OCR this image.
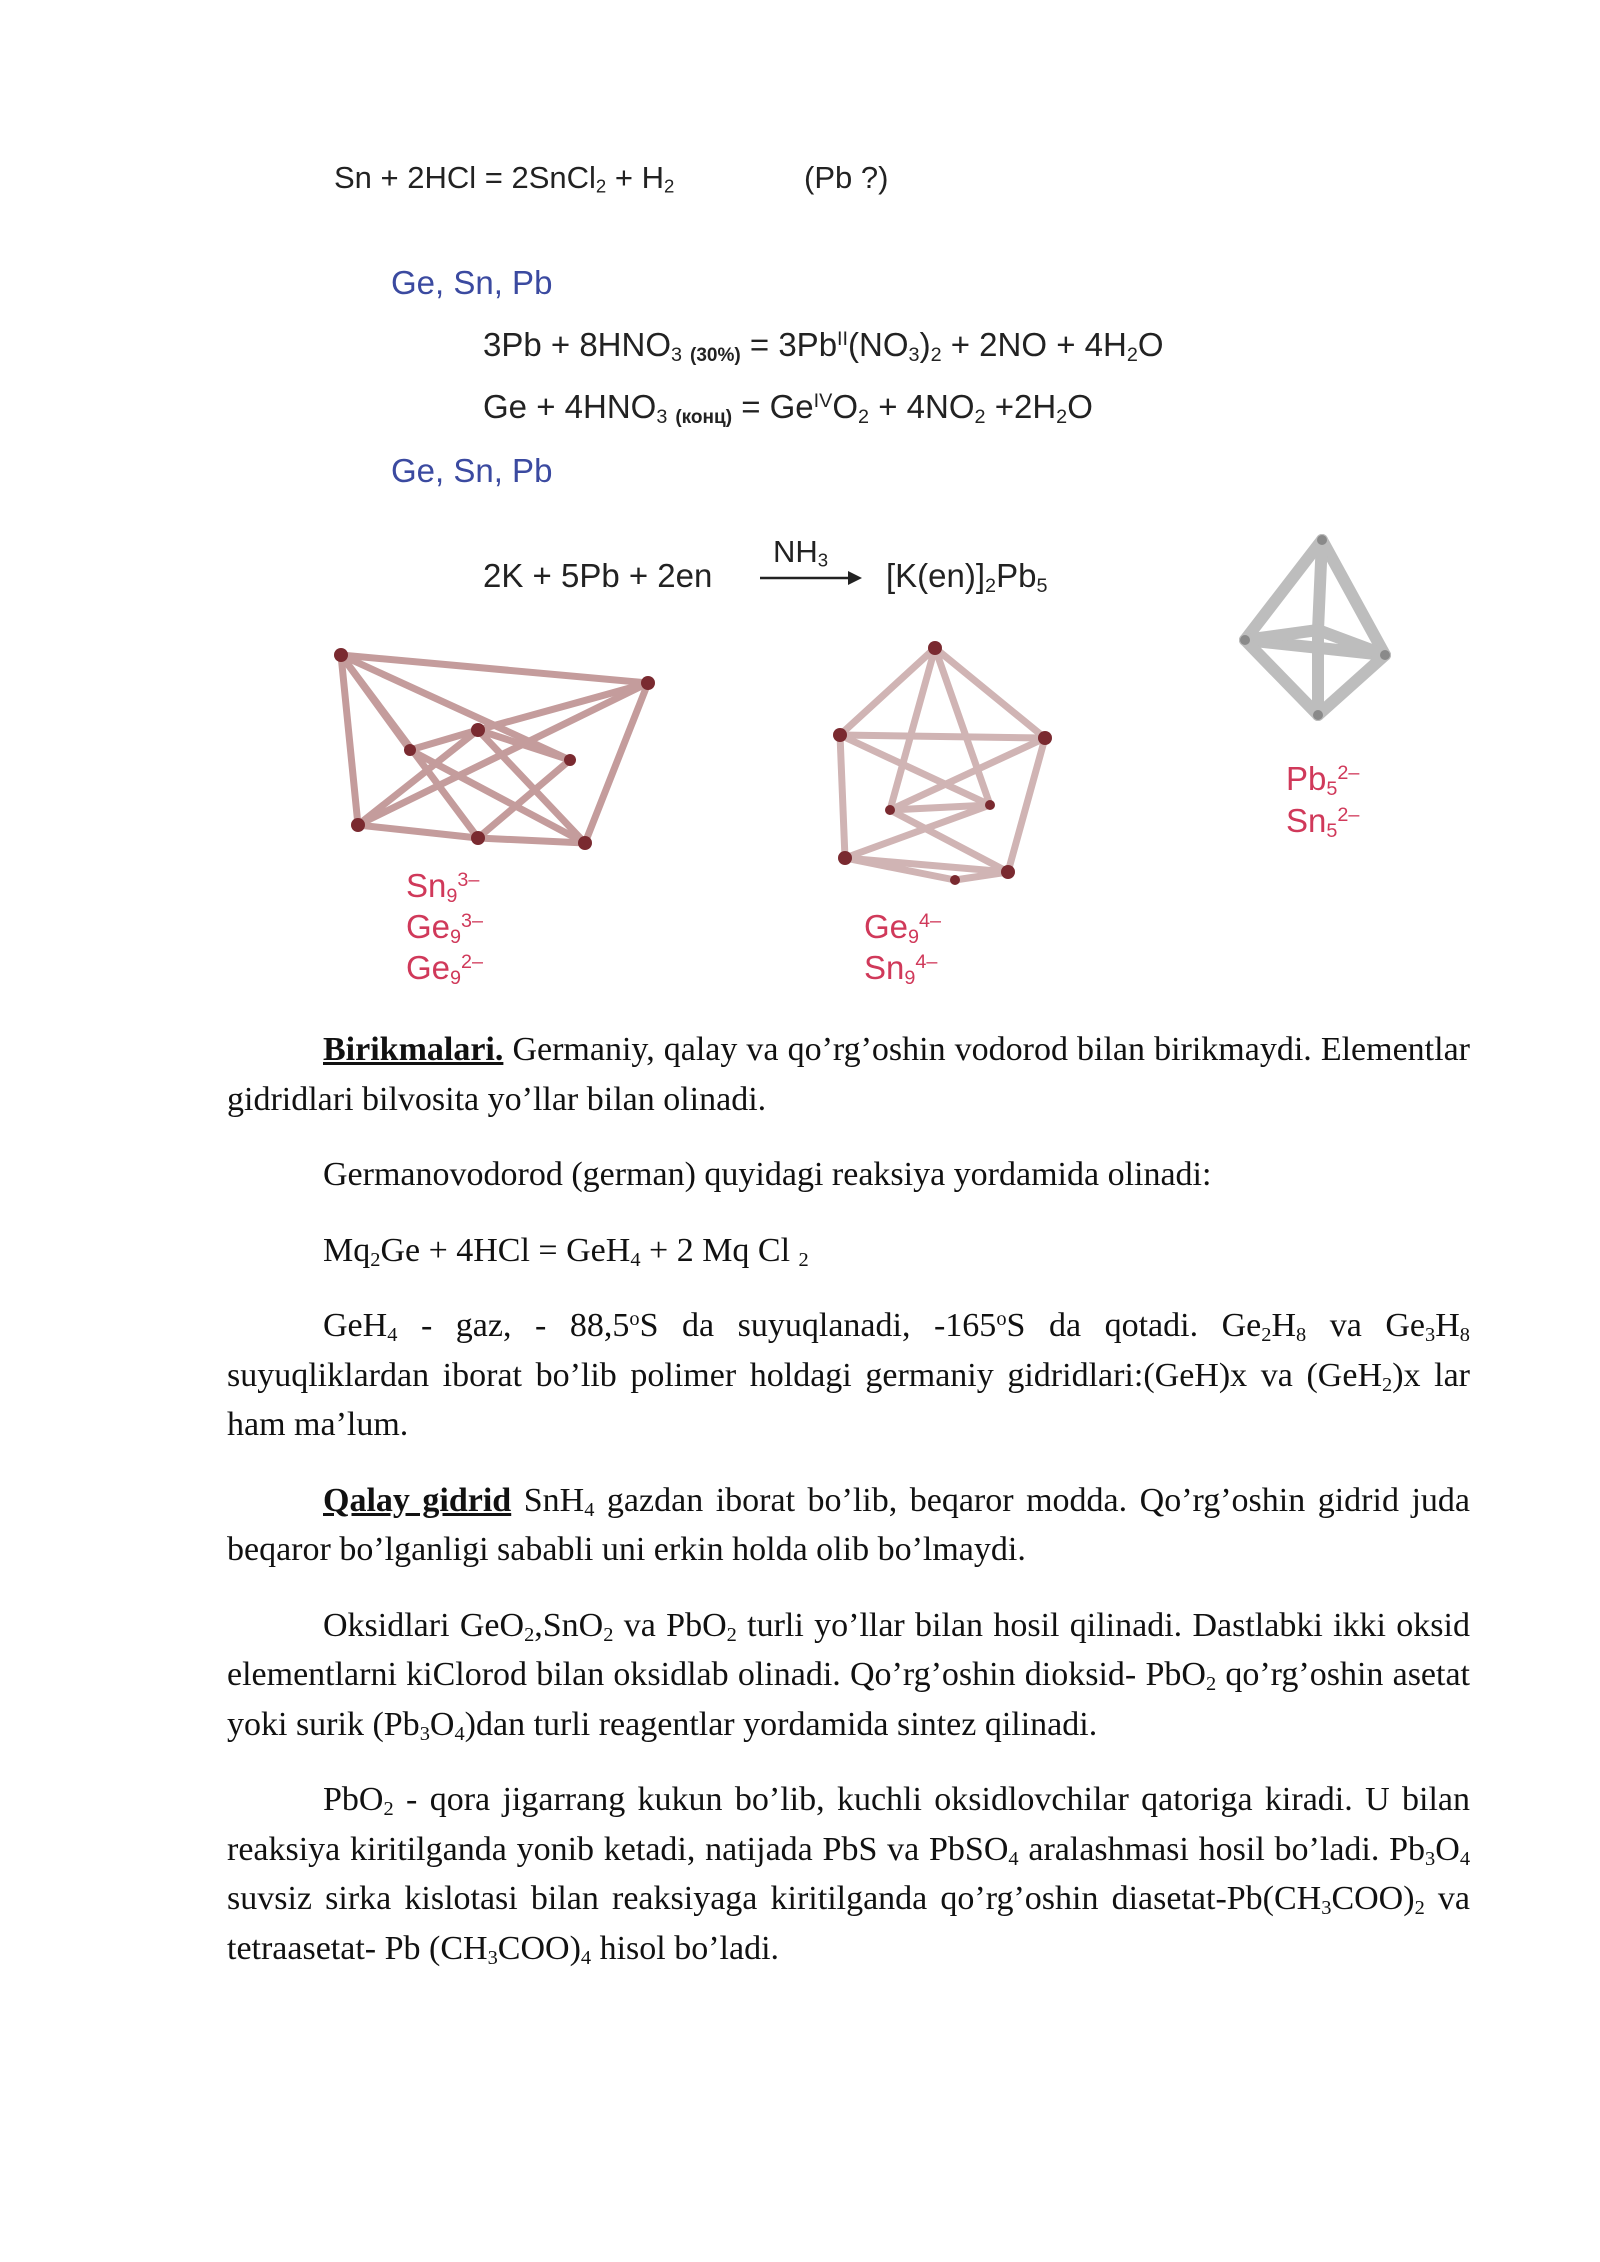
Sn + 2HCl = 2SnCl$_2$ + $H_2$	(Pb ?)
Ge, Sn, Pb
$3Pb + 8HNO_3$ $_{(30\%)} = 3Pb^{II}(NO_3)_2 + 2NO + 4H_2O$
$Ge + 4HNO_3$ $_{(конц)} = Ge^{IV}O_2 + 4NO_2 +2H_2O$
Ge, Sn, Pb
2K + 5Pb + 2en
$NH_3$ $[K(en)]_2Pb_5$
$Sn_9^{3-}$
$Ge_9^{3-}$
$Ge_9^{2-}$
$Ge_9^{4-}$
$Sn_9^{4-}$
$Pb_5^{2-}$
$Sn_5^{2-}$

Birikmalari. Germaniy, qalay va qo’rg’oshin vodorod bilan birikmaydi. Elementlar gidridlari bilvosita yo’llar bilan olinadi.

Germanovodorod (german) quyidagi reaksiya yordamida olinadi:

$Mq_2Ge + 4HCl = GeH_4 + 2$ Mq Cl $_2$

GeH$_4$ - gaz, - 88,5$^o$S da suyuqlanadi, -165$^o$S da qotadi. $Ge_2H_8$ va $Ge_3H_8$ suyuqliklardan iborat bo’lib polimer holdagi germaniy gidridlari:(GeH)x va (GeH$_2$)x lar ham ma’lum.

Qalay gidrid SnH$_4$ gazdan iborat bo’lib, beqaror modda. Qo’rg’oshin gidrid juda beqaror bo’lganligi sababli uni erkin holda olib bo’lmaydi.

Oksidlari GeO$_2$,SnO$_2$ va PbO$_2$ turli yo’llar bilan hosil qilinadi. Dastlabki ikki oksid elementlarni kiClorod bilan oksidlab olinadi. Qo’rg’oshin dioksid- PbO$_2$ qo’rg’oshin asetat yoki surik $(Pb_3O_4)dan$ turli reagentlar yordamida sintez qilinadi.

PbO$_2$ - qora jigarrang kukun bo’lib, kuchli oksidlovchilar qatoriga kiradi. U bilan reaksiya kiritilganda yonib ketadi, natijada PbS va PbSO$_4$ aralashmasi hosil bo’ladi. $Pb_3O_4$ suvsiz sirka kislotasi bilan reaksiyaga kiritilganda qo’rg’oshin diasetat-$Pb(CH_3COO)_2$ va tetraasetat- Pb $(CH_3COO)_4$ hisol bo’ladi.
